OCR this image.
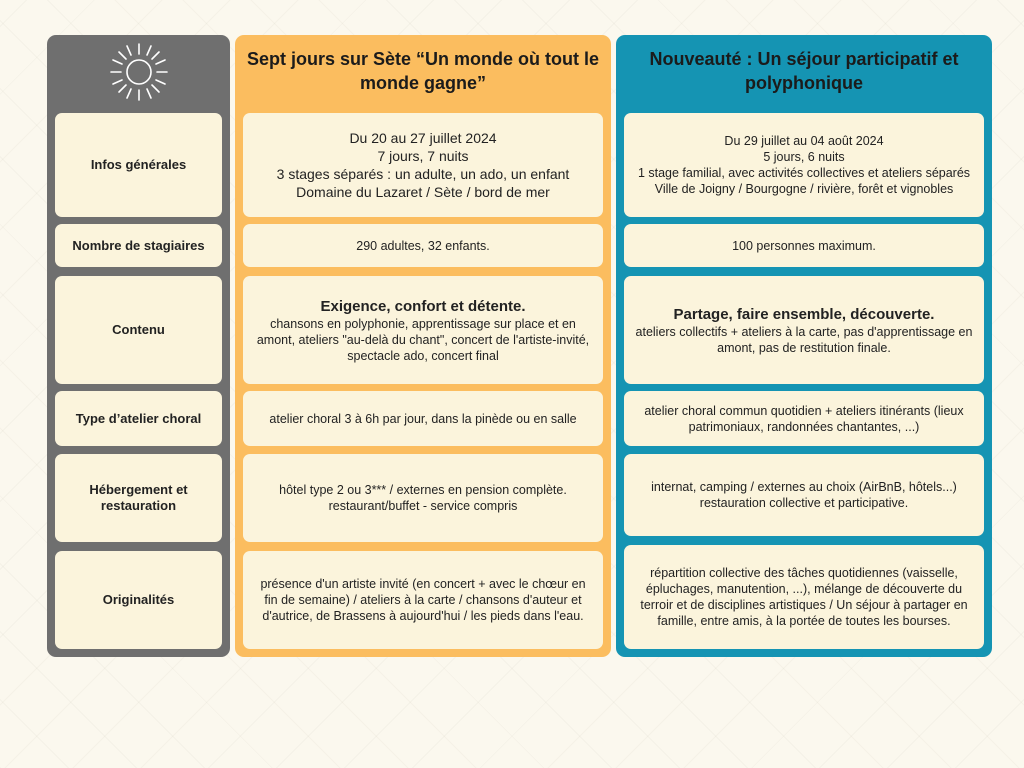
Infos générales
Nombre de stagiaires
Contenu
Type d’atelier choral
Hébergement et restauration
Originalités
Sept jours sur Sète “Un monde où tout le monde gagne”
Du 20 au 27 juillet 2024
7 jours, 7 nuits
3 stages séparés : un adulte, un ado, un enfant
Domaine du Lazaret / Sète / bord de mer
290 adultes, 32 enfants.
Exigence, confort et détente.
chansons en polyphonie, apprentissage sur place et en amont, ateliers "au-delà du chant", concert de l'artiste-invité, spectacle ado, concert final
atelier choral 3 à 6h par jour, dans la pinède ou en salle
hôtel type 2 ou 3*** / externes en pension complète.
restaurant/buffet - service compris
présence d'un artiste invité (en concert + avec le chœur en fin de semaine) / ateliers à la carte / chansons d'auteur et d'autrice, de Brassens à aujourd'hui / les pieds dans l'eau.
Nouveauté : Un séjour participatif et polyphonique
Du 29 juillet au 04 août 2024
5 jours, 6 nuits
1 stage familial, avec activités collectives et ateliers séparés
Ville de Joigny / Bourgogne / rivière, forêt et vignobles
100 personnes maximum.
Partage, faire ensemble, découverte.
ateliers collectifs + ateliers à la carte, pas d'apprentissage en amont, pas de restitution finale.
atelier choral commun quotidien + ateliers itinérants (lieux patrimoniaux, randonnées chantantes, ...)
internat, camping / externes au choix (AirBnB, hôtels...)
restauration collective et participative.
répartition collective des tâches quotidiennes (vaisselle, épluchages, manutention, ...), mélange de découverte du terroir et de disciplines artistiques / Un séjour à partager en famille, entre amis, à la portée de toutes les bourses.
